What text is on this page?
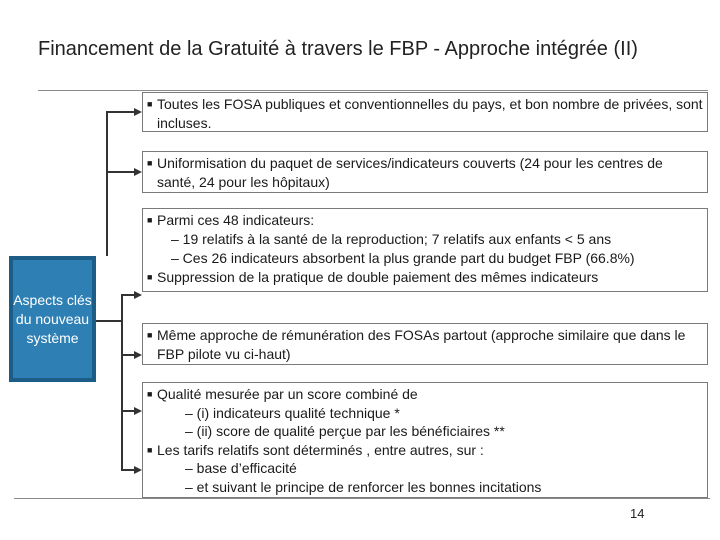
Financement de la Gratuité à travers le FBP - Approche intégrée (II)
Aspects clés du nouveau système
■ Toutes les FOSA publiques et conventionnelles du pays, et bon nombre de privées, sont incluses.
■ Uniformisation du paquet de services/indicateurs couverts (24 pour les centres de santé, 24 pour les hôpitaux)
■ Parmi ces 48 indicateurs:
– 19 relatifs à la santé de la reproduction; 7 relatifs aux enfants < 5 ans
– Ces 26 indicateurs absorbent la plus grande part du budget FBP (66.8%)
■ Suppression de la pratique de double paiement des mêmes indicateurs
■ Même approche de rémunération des FOSAs partout (approche similaire que dans le FBP pilote vu ci-haut)
■ Qualité mesurée par un score combiné de
– (i) indicateurs qualité technique *
– (ii) score de qualité perçue par les bénéficiaires **
■ Les tarifs relatifs sont déterminés , entre autres, sur :
– base d’efficacité
– et suivant le principe de renforcer les bonnes incitations
14
